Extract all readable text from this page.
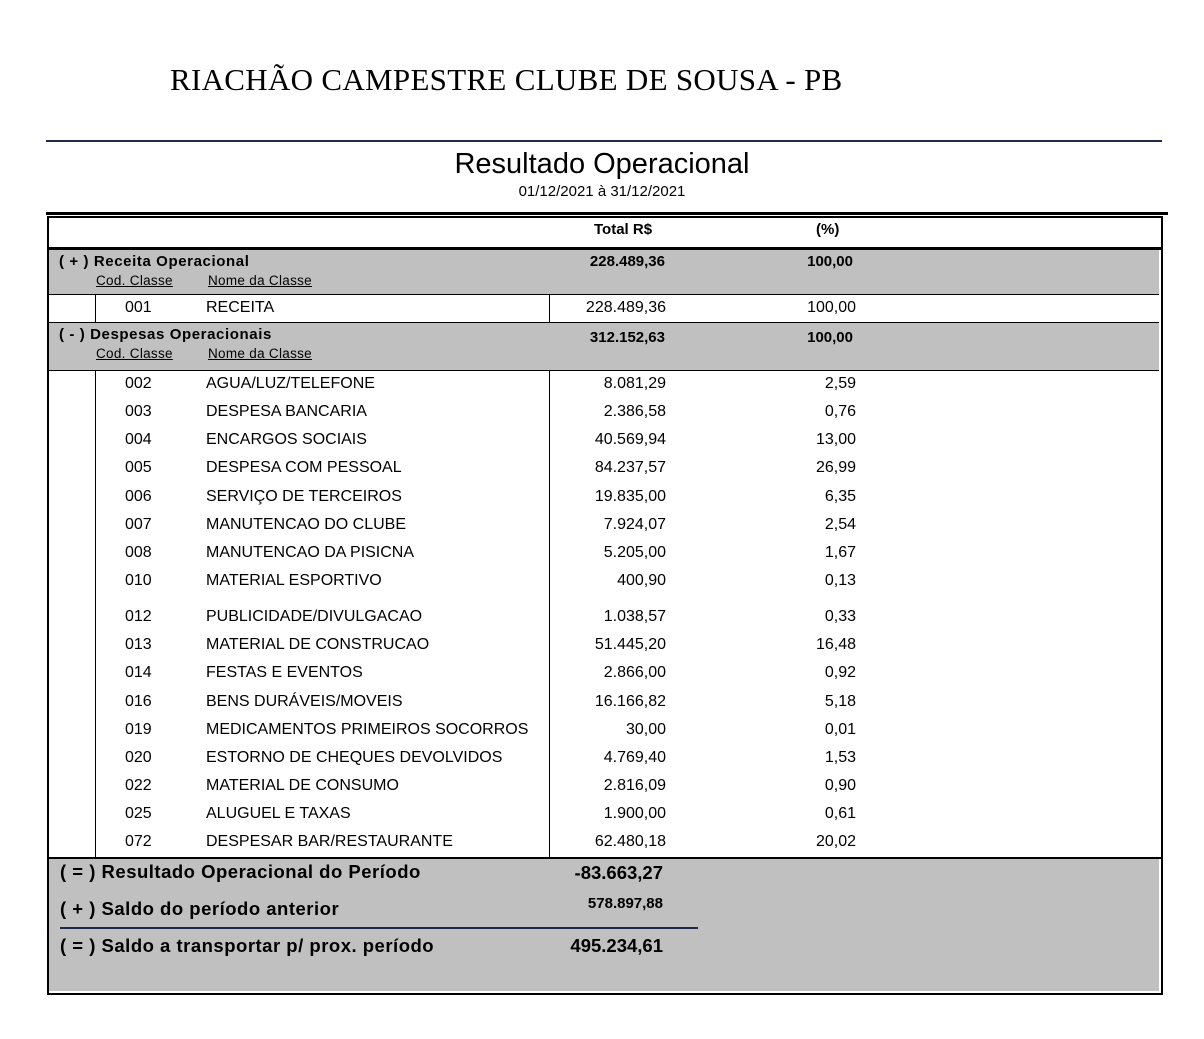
RIACHÃO CAMPESTRE CLUBE DE SOUSA - PB
Resultado Operacional
01/12/2021 à 31/12/2021
Total R$	(%)
( + ) Receita Operacional	228.489,36	100,00
Cod. Classe	Nome da Classe
001	RECEITA	228.489,36	100,00
( - ) Despesas Operacionais	312.152,63	100,00
Cod. Classe	Nome da Classe
002	AGUA/LUZ/TELEFONE	8.081,29	2,59
003	DESPESA BANCARIA	2.386,58	0,76
004	ENCARGOS SOCIAIS	40.569,94	13,00
005	DESPESA COM PESSOAL	84.237,57	26,99
006	SERVIÇO DE TERCEIROS	19.835,00	6,35
007	MANUTENCAO DO CLUBE	7.924,07	2,54
008	MANUTENCAO DA PISICNA	5.205,00	1,67
010	MATERIAL ESPORTIVO	400,90	0,13
012	PUBLICIDADE/DIVULGACAO	1.038,57	0,33
013	MATERIAL DE CONSTRUCAO	51.445,20	16,48
014	FESTAS E EVENTOS	2.866,00	0,92
016	BENS DURÁVEIS/MOVEIS	16.166,82	5,18
019	MEDICAMENTOS PRIMEIROS SOCORROS	30,00	0,01
020	ESTORNO DE CHEQUES DEVOLVIDOS	4.769,40	1,53
022	MATERIAL DE CONSUMO	2.816,09	0,90
025	ALUGUEL E TAXAS	1.900,00	0,61
072	DESPESAR BAR/RESTAURANTE	62.480,18	20,02
( = ) Resultado Operacional do Período	-83.663,27
( + ) Saldo do período anterior	578.897,88
( = ) Saldo a transportar p/ prox. período	495.234,61
